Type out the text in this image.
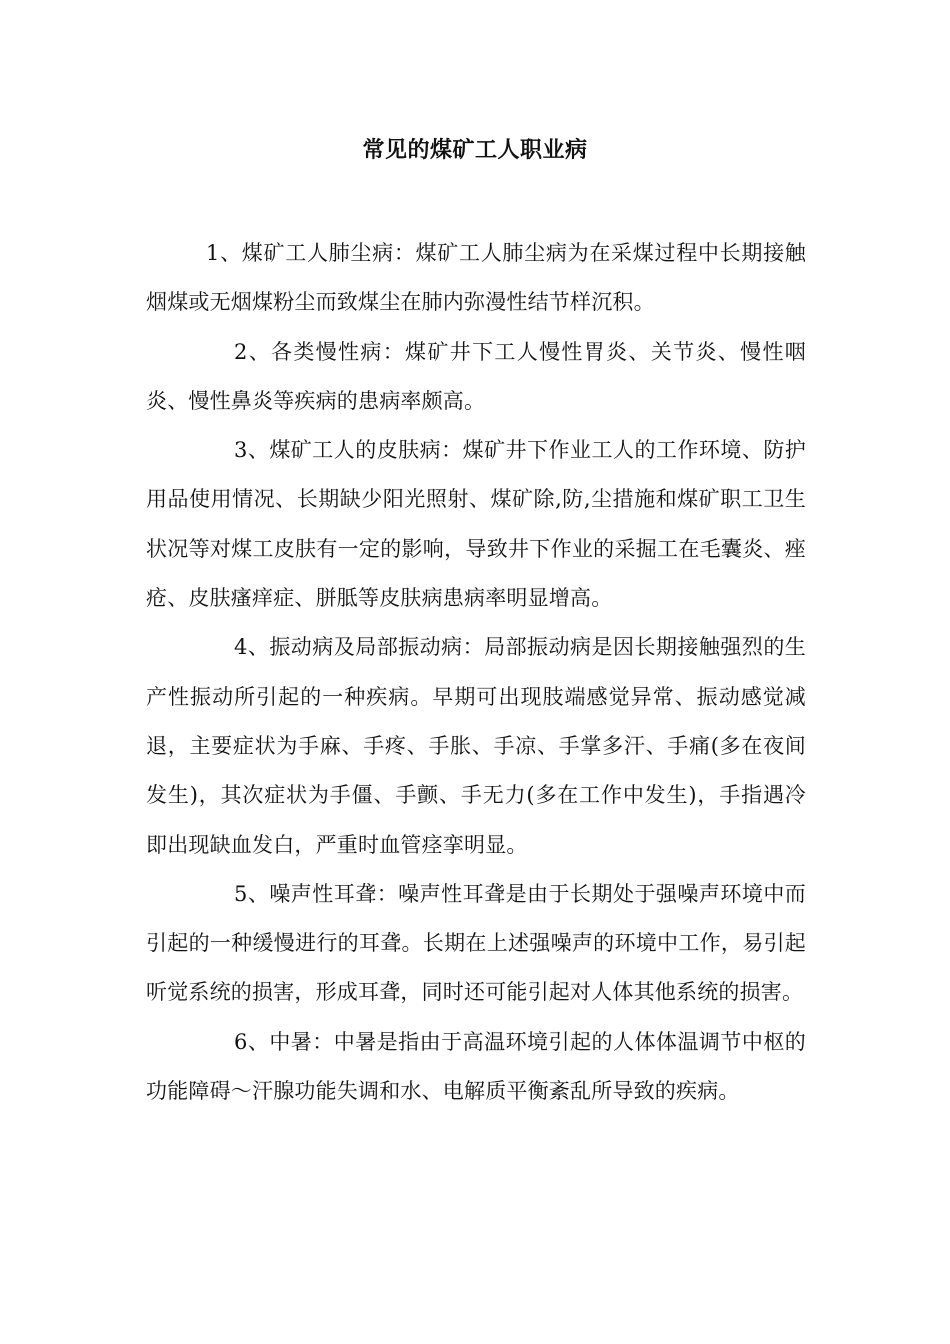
常见的煤矿工人职业病

1、煤矿工人肺尘病：煤矿工人肺尘病为在采煤过程中长期接触烟煤或无烟煤粉尘而致煤尘在肺内弥漫性结节样沉积。

2、各类慢性病：煤矿井下工人慢性胃炎、关节炎、慢性咽炎、慢性鼻炎等疾病的患病率颇高。

3、煤矿工人的皮肤病：煤矿井下作业工人的工作环境、防护用品使用情况、长期缺少阳光照射、煤矿除,防,尘措施和煤矿职工卫生状况等对煤工皮肤有一定的影响，导致井下作业的采掘工在毛囊炎、痤疮、皮肤瘙痒症、胼胝等皮肤病患病率明显增高。

4、振动病及局部振动病：局部振动病是因长期接触强烈的生产性振动所引起的一种疾病。早期可出现肢端感觉异常、振动感觉减退，主要症状为手麻、手疼、手胀、手凉、手掌多汗、手痛(多在夜间发生)，其次症状为手僵、手颤、手无力(多在工作中发生)，手指遇冷即出现缺血发白，严重时血管痉挛明显。

5、噪声性耳聋：噪声性耳聋是由于长期处于强噪声环境中而引起的一种缓慢进行的耳聋。长期在上述强噪声的环境中工作，易引起听觉系统的损害，形成耳聋，同时还可能引起对人体其他系统的损害。

6、中暑：中暑是指由于高温环境引起的人体体温调节中枢的功能障碍～汗腺功能失调和水、电解质平衡紊乱所导致的疾病。
